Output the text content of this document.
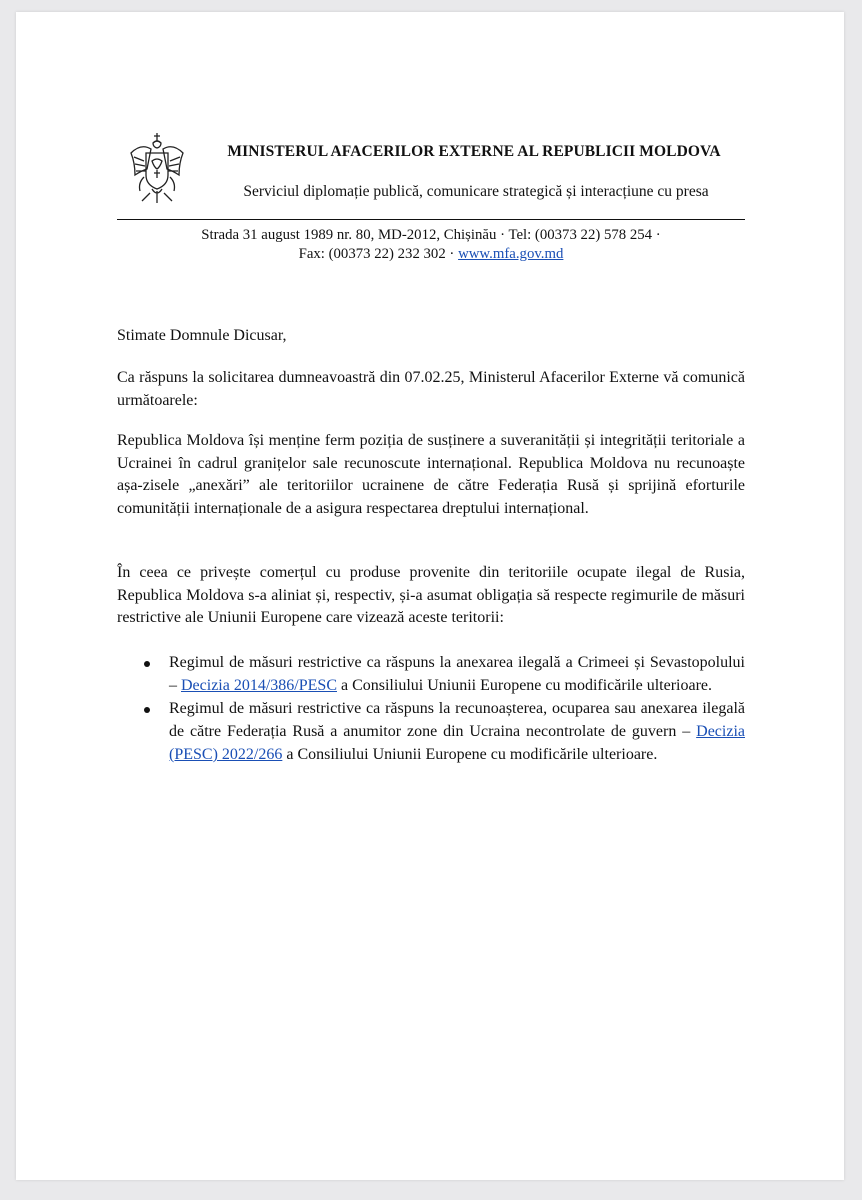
MINISTERUL AFACERILOR EXTERNE AL REPUBLICII MOLDOVA
Serviciul diplomație publică, comunicare strategică și interacțiune cu presa
Strada 31 august 1989 nr. 80, MD-2012, Chișinău · Tel: (00373 22) 578 254 ·
Fax: (00373 22) 232 302 · www.mfa.gov.md
Stimate Domnule Dicusar,
Ca răspuns la solicitarea dumneavoastră din 07.02.25, Ministerul Afacerilor Externe vă comunică următoarele:
Republica Moldova își menține ferm poziția de susținere a suveranității și integrității teritoriale a Ucrainei în cadrul granițelor sale recunoscute internațional. Republica Moldova nu recunoaște așa-zisele „anexări” ale teritoriilor ucrainene de către Federația Rusă și sprijină eforturile comunității internaționale de a asigura respectarea dreptului internațional.
În ceea ce privește comerțul cu produse provenite din teritoriile ocupate ilegal de Rusia, Republica Moldova s-a aliniat și, respectiv, și-a asumat obligația să respecte regimurile de măsuri restrictive ale Uniunii Europene care vizează aceste teritorii:
Regimul de măsuri restrictive ca răspuns la anexarea ilegală a Crimeei și Sevastopolului – Decizia 2014/386/PESC a Consiliului Uniunii Europene cu modificările ulterioare.
Regimul de măsuri restrictive ca răspuns la recunoașterea, ocuparea sau anexarea ilegală de către Federația Rusă a anumitor zone din Ucraina necontrolate de guvern – Decizia (PESC) 2022/266 a Consiliului Uniunii Europene cu modificările ulterioare.
